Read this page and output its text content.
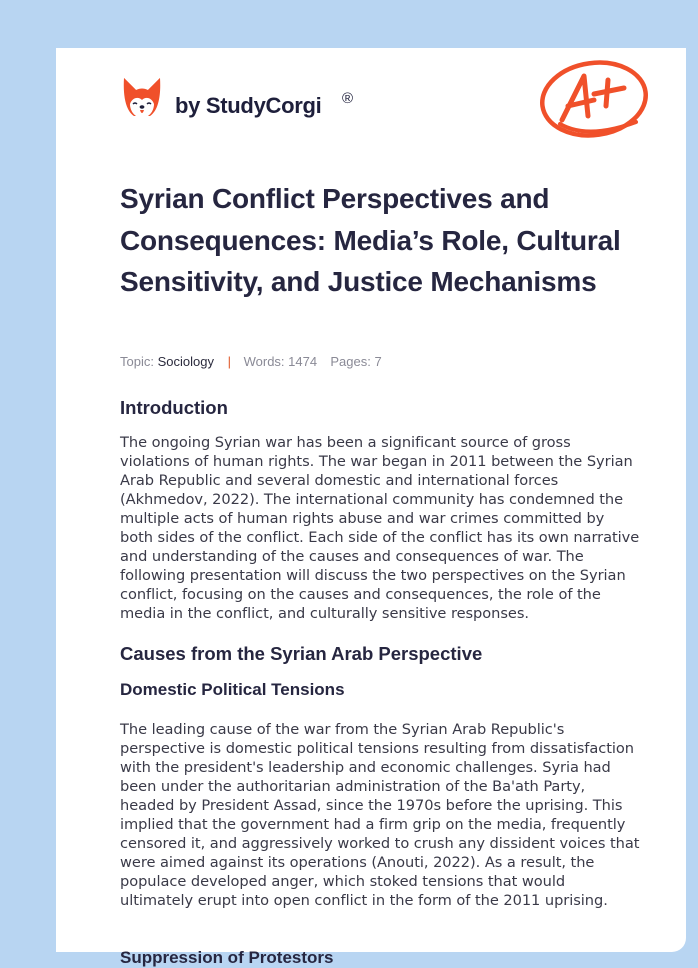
by StudyCorgi ®
Syrian Conflict Perspectives and Consequences: Media’s Role, Cultural Sensitivity, and Justice Mechanisms
Topic: Sociology | Words: 1474 Pages: 7
Introduction

The ongoing Syrian war has been a significant source of gross violations of human rights. The war began in 2011 between the Syrian Arab Republic and several domestic and international forces (Akhmedov, 2022). The international community has condemned the multiple acts of human rights abuse and war crimes committed by both sides of the conflict. Each side of the conflict has its own narrative and understanding of the causes and consequences of war. The following presentation will discuss the two perspectives on the Syrian conflict, focusing on the causes and consequences, the role of the media in the conflict, and culturally sensitive responses.

Causes from the Syrian Arab Perspective
Domestic Political Tensions

The leading cause of the war from the Syrian Arab Republic's perspective is domestic political tensions resulting from dissatisfaction with the president's leadership and economic challenges. Syria had been under the authoritarian administration of the Ba'ath Party, headed by President Assad, since the 1970s before the uprising. This implied that the government had a firm grip on the media, frequently censored it, and aggressively worked to crush any dissident voices that were aimed against its operations (Anouti, 2022). As a result, the populace developed anger, which stoked tensions that would ultimately erupt into open conflict in the form of the 2011 uprising.

Suppression of Protestors
